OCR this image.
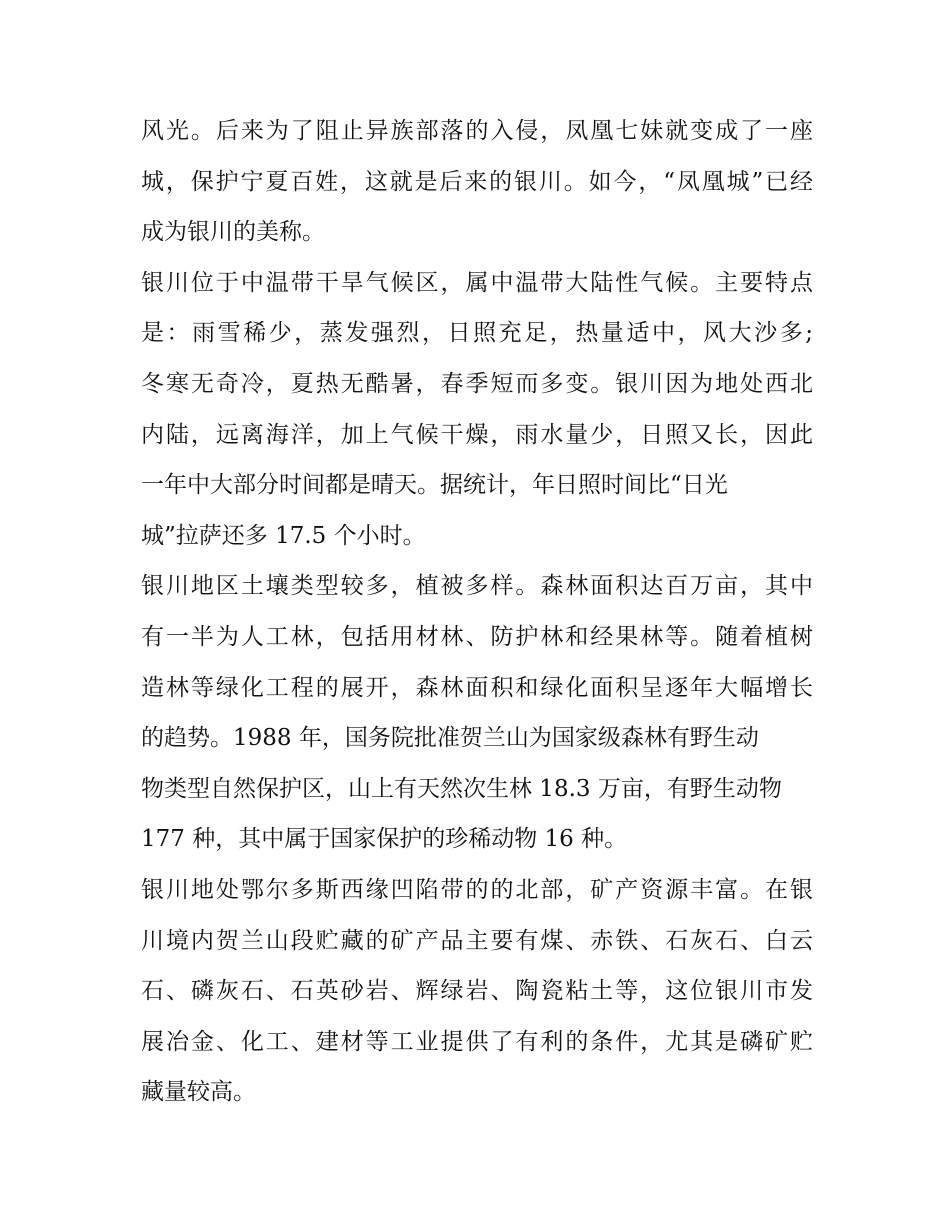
风光。后来为了阻止异族部落的入侵，凤凰七妹就变成了一座
城，保护宁夏百姓，这就是后来的银川。如今，“凤凰城”已经
成为银川的美称。
银川位于中温带干旱气候区，属中温带大陆性气候。主要特点
是：雨雪稀少，蒸发强烈，日照充足，热量适中，风大沙多;
冬寒无奇冷，夏热无酷暑，春季短而多变。银川因为地处西北
内陆，远离海洋，加上气候干燥，雨水量少，日照又长，因此
一年中大部分时间都是晴天。据统计，年日照时间比“日光
城”拉萨还多 17.5 个小时。
银川地区土壤类型较多，植被多样。森林面积达百万亩，其中
有一半为人工林，包括用材林、防护林和经果林等。随着植树
造林等绿化工程的展开，森林面积和绿化面积呈逐年大幅增长
的趋势。1988 年，国务院批准贺兰山为国家级森林有野生动
物类型自然保护区，山上有天然次生林 18.3 万亩，有野生动物
177 种，其中属于国家保护的珍稀动物 16 种。
银川地处鄂尔多斯西缘凹陷带的的北部，矿产资源丰富。在银
川境内贺兰山段贮藏的矿产品主要有煤、赤铁、石灰石、白云
石、磷灰石、石英砂岩、辉绿岩、陶瓷粘土等，这位银川市发
展冶金、化工、建材等工业提供了有利的条件，尤其是磷矿贮
藏量较高。
